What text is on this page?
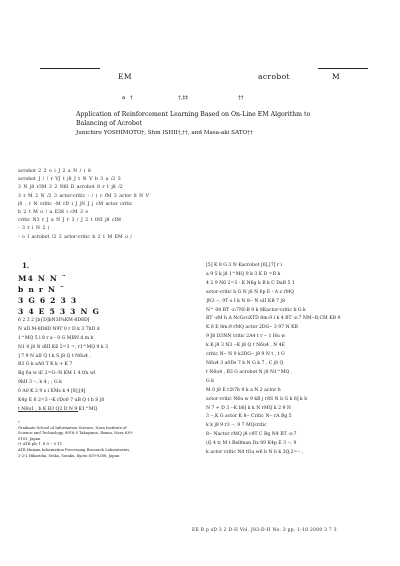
EM	acrobot	M
a †	†,‡‡	††
Application of Reinforcement Learning Based on On-Line EM Algorithm to
Balancing of Acrobot
Junichiro YOSHIMOTO†, Shin ISHII†,††, and Masa-aki SATO††
acrobot 2 2 o i J 2 a N / ( 8
acrobot J / / r VJ t j8 J t N V b 3 a /2 3
3 N j8 r3M 3 2 N6l D acrobot 8 r t j8 /2
3 r M 2 N /2 3 actor-critic - / ( c fM 3 actor 8 N V
j8 , r N critic -M rD i J jN J j cM actor critic
b 2 t M o / a E38 i cM 3 o
critic N3 r J a N J r 3 / J 2 t tNI j8 cIM
- 3 r i N 2 (
- o I acrobot /2 3 actor-critic b 2 t M EM o /
1.
M4 N N ¨
b n r N ¨
3 G 6 2 3 3
3 4 E 5 3 3 N G
6 2 3 2 [b{D]bN3I%KM-8D8D]
N uII M-8D8D N9T 0 r D k 3 7hD d
1^MQ 5 l 8 r a - 0 G MBN d m k
N1 0 j8 N dIII K6 2=3 =, r1^MQ 9 k 3
] 7 9 N aII Q t k S j8 Q t N6u4 ,
B3 G k aA0 T K k + K 7
Bg 6a w iE 2=G--N KM 1 4 tfu wl
9hII 3 --, k 4 ; ; G k
0 A0 K 2 9 s i EMs k 4 [8],[4]
K4p E 6 2=3 --K rDo0 7 uB Q t b S j8
t N6u1 , b K B3 Q2 D N 9 K1^MQ
[5] K 8 G 3 N Kacrobot [6],[7] r i
a 9 5 k j8 1^MQ 9 k 3 K D =R k
4 2 9 N6 2=3 - K N6g k B k C DaB 5 1
actor-critic b G N j8 N 6p E - A z rMQ
]N3 --, 9T o I k N 8-- N uII KB 7 j8
N^ 04 BT -z:7NI-B 9 k 8Kactor-critic b G k
BT -zM h A NcGcoXTD 8m:9 l k 4 BT -z:7 NM--B,CM KB 9
K 6 E 8m:9 rMQ actor 2DG-- 3 97 N KB
9 J8 D3NN critic 2A4 t r -- 1 Hu w
k K j8 3 N3 --K j8 Q t N6u4 , N 4E
critic N-- N 9 k2DG-- j8 9 N t , t G
N6u4 3 a0Ds 7 b N G k 7 , C j8 Q
t N6u4 , B3 G acrobot N j8 N1^MQ ,
G k
M 0 j8 E r2t7b 9 k a N 2 actor h
actor-critic N6u w 9 kB j r8S N b G k 6] k b
N 7 + D 3 --K b6] k k N rMQ k 2 9 N
3 --,K G actor K 8-- Critic N-- rA Bg 5
k k j8 9 r3 --, 9 7 MQcritic
8-- Nactor rMQ j8 c9T C Bg N4 BT -z:7
(Q 4 t( M t Bellman Dx 09 K4p E 3 --, 9
k actor critic N4 tGu w6 b N b k 3Q,2=-- ,
†
Graduate School of Information Science, Nara Institute of
Science and Technology, 8916-5 Takayama, Ikoma, Nara 630-
0101, Japan
†† ATR pls 1. 8 0 -- 5 T1
ATR Human Information Processing Research Laboratories,
2-2-2 Hikaridai, Seika, Soraku, Kyoto 619-0288, Japan
EE R p sD 3 2 D-II Vol. J83-D-II No. 3 pp. 1-10 2000 3 7 3
